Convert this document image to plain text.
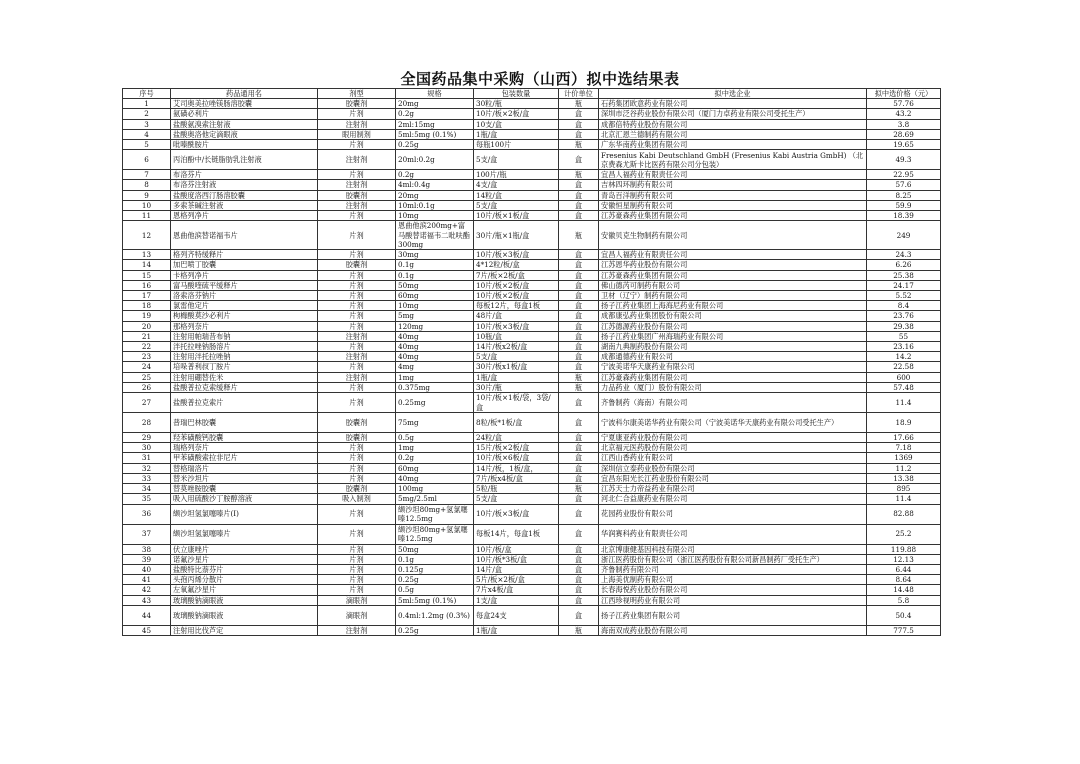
全国药品集中采购（山西）拟中选结果表
序号	药品通用名	剂型	规格	包装数量	计价单位	拟中选企业	拟中选价格（元）
1	艾司奥美拉唑镁肠溶胶囊	胶囊剂	20mg	30粒/瓶	瓶	石药集团欧意药业有限公司	57.76
2	氨磺必利片	片剂	0.2g	10片/板×2板/盒	盒	深圳市泛谷药业股份有限公司（厦门力卓药业有限公司受托生产）	43.2
3	盐酸氨溴索注射液	注射剂	2ml:15mg	10支/盒	盒	成都倍特药业股份有限公司	3.8
4	盐酸奥洛他定滴眼液	眼用制剂	5ml:5mg (0.1%)	1瓶/盒	盒	北京汇恩兰德制药有限公司	28.69
5	吡嗪酰胺片	片剂	0.25g	每瓶100片	瓶	广东华南药业集团有限公司	19.65
6	丙泊酚中/长链脂肪乳注射液	注射剂	20ml:0.2g	5支/盒	盒	Fresenius Kabi Deutschland GmbH (Fresenius Kabi Austria GmbH) （北京费森尤斯卡比医药有限公司分包装）	49.3
7	布洛芬片	片剂	0.2g	100片/瓶	瓶	宜昌人福药业有限责任公司	22.95
8	布洛芬注射液	注射剂	4ml:0.4g	4支/盒	盒	吉林四环制药有限公司	57.6
9	盐酸度洛西汀肠溶胶囊	胶囊剂	20mg	14粒/盒	盒	青岛百洋制药有限公司	8.25
10	多索茶碱注射液	注射剂	10ml:0.1g	5支/盒	盒	安徽恒星制药有限公司	59.9
11	恩格列净片	片剂	10mg	10片/板×1板/盒	盒	江苏豪森药业集团有限公司	18.39
12	恩曲他滨替诺福韦片	片剂	恩曲他滨200mg+富马酸替诺福韦二吡呋酯300mg	30片/瓶×1瓶/盒	瓶	安徽贝克生物制药有限公司	249
13	格列齐特缓释片	片剂	30mg	10片/板×3板/盒	盒	宜昌人福药业有限责任公司	24.3
14	加巴喷丁胶囊	胶囊剂	0.1g	4*12粒/板/盒	盒	江苏恩华药业股份有限公司	6.26
15	卡格列净片	片剂	0.1g	7片/板×2板/盒	盒	江苏豪森药业集团有限公司	25.38
16	富马酸喹硫平缓释片	片剂	50mg	10片/板×2板/盒	盒	佛山德芮可制药有限公司	24.17
17	洛索洛芬钠片	片剂	60mg	10片/板×2板/盒	盒	卫材（辽宁）制药有限公司	5.52
18	氯雷他定片	片剂	10mg	每板12片，每盒1板	盒	扬子江药业集团上海海尼药业有限公司	8.4
19	枸橼酸莫沙必利片	片剂	5mg	48片/盒	盒	成都康弘药业集团股份有限公司	23.76
20	那格列奈片	片剂	120mg	10片/板×3板/盒	盒	江苏德源药业股份有限公司	29.38
21	注射用帕瑞昔布钠	注射剂	40mg	10瓶/盒	盒	扬子江药业集团广州海瑞药业有限公司	55
22	泮托拉唑钠肠溶片	片剂	40mg	14片/板x2板/盒	盒	湖南九典制药股份有限公司	23.16
23	注射用泮托拉唑钠	注射剂	40mg	5支/盒	盒	成都通德药业有限公司	14.2
24	培哚普利叔丁胺片	片剂	4mg	30片/板x1板/盒	盒	宁波美诺华天康药业有限公司	22.58
25	注射用硼替佐米	注射剂	1mg	1瓶/盒	瓶	江苏豪森药业集团有限公司	600
26	盐酸普拉克索缓释片	片剂	0.375mg	30片/瓶	瓶	力品药业（厦门）股份有限公司	57.48
27	盐酸普拉克索片	片剂	0.25mg	10片/板×1板/袋，3袋/盒	盒	齐鲁制药（海南）有限公司	11.4
28	普瑞巴林胶囊	胶囊剂	75mg	8粒/板*1板/盒	盒	宁波科尔康美诺华药业有限公司（宁波美诺华天康药业有限公司受托生产）	18.9
29	羟苯磺酸钙胶囊	胶囊剂	0.5g	24粒/盒	盒	宁夏康亚药业股份有限公司	17.66
30	瑞格列奈片	片剂	1mg	15片/板×2板/盒	盒	北京福元医药股份有限公司	7.18
31	甲苯磺酸索拉非尼片	片剂	0.2g	10片/板×6板/盒	盒	江西山香药业有限公司	1369
32	替格瑞洛片	片剂	60mg	14片/板，1板/盒，	盒	深圳信立泰药业股份有限公司	11.2
33	替米沙坦片	片剂	40mg	7片/板x4板/盒	盒	宜昌东阳光长江药业股份有限公司	13.38
34	替莫唑胺胶囊	胶囊剂	100mg	5粒/瓶	瓶	江苏天士力帝益药业有限公司	895
35	吸入用硫酸沙丁胺醇溶液	吸入制剂	5mg/2.5ml	5支/盒	盒	河北仁合益康药业有限公司	11.4
36	缬沙坦氢氯噻嗪片(Ⅰ)	片剂	缬沙坦80mg+氢氯噻嗪12.5mg	10片/板×3板/盒	盒	花园药业股份有限公司	82.88
37	缬沙坦氢氯噻嗪片	片剂	缬沙坦80mg+氢氯噻嗪12.5mg	每板14片，每盒1板	盒	华润赛科药业有限责任公司	25.2
38	伏立康唑片	片剂	50mg	10片/板/盒	盒	北京博康健基因科技有限公司	119.88
39	诺氟沙星片	片剂	0.1g	10片/板*3板/盒	盒	浙江医药股份有限公司（浙江医药股份有限公司新昌制药厂受托生产）	12.13
40	盐酸特比萘芬片	片剂	0.125g	14片/盒	盒	齐鲁制药有限公司	6.44
41	头孢丙烯分散片	片剂	0.25g	5片/板×2板/盒	盒	上海美优制药有限公司	8.64
42	左氧氟沙星片	片剂	0.5g	7片x4板/盒	盒	长春海悦药业股份有限公司	14.48
43	玻璃酸钠滴眼液	滴眼剂	5ml:5mg (0.1%)	1支/盒	盒	江西珍视明药业有限公司	5.8
44	玻璃酸钠滴眼液	滴眼剂	0.4ml:1.2mg (0.3%)	每盒24支	盒	扬子江药业集团有限公司	50.4
45	注射用比伐芦定	注射剂	0.25g	1瓶/盒	瓶	海南双成药业股份有限公司	777.5
